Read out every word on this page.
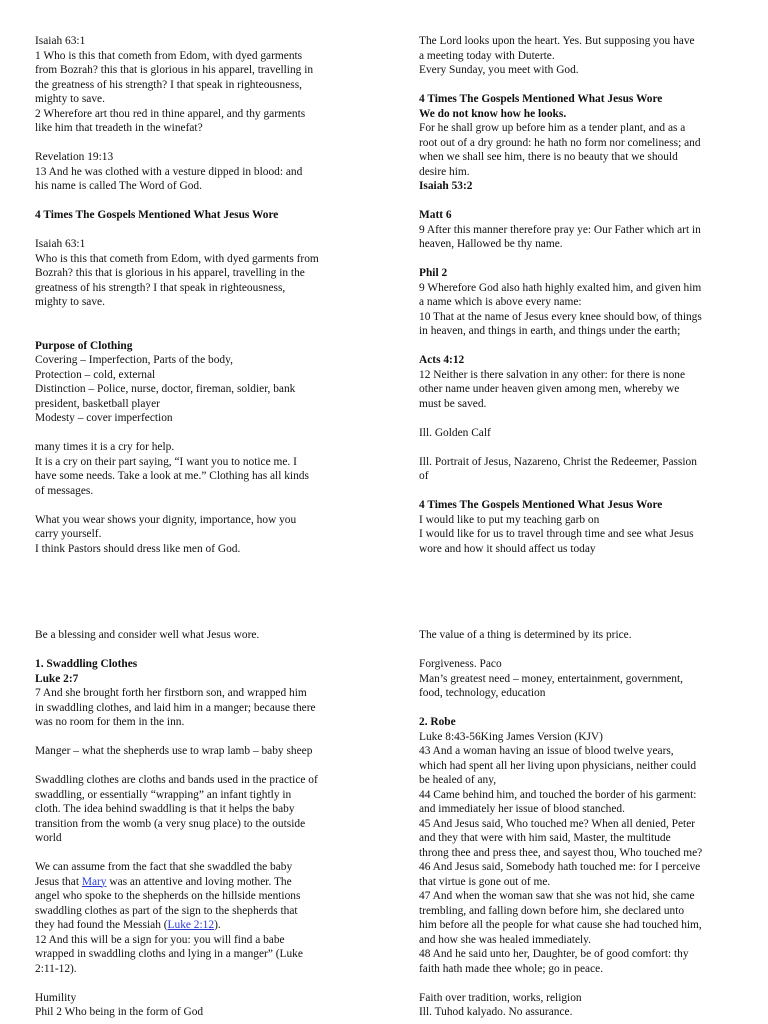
Isaiah 63:1
1 Who is this that cometh from Edom, with dyed garments
from Bozrah? this that is glorious in his apparel, travelling in
the greatness of his strength? I that speak in righteousness,
mighty to save.
2 Wherefore art thou red in thine apparel, and thy garments
like him that treadeth in the winefat?
Revelation 19:13
13 And he was clothed with a vesture dipped in blood: and
his name is called The Word of God.
4 Times The Gospels Mentioned What Jesus Wore
Isaiah 63:1
Who is this that cometh from Edom, with dyed garments from
Bozrah? this that is glorious in his apparel, travelling in the
greatness of his strength? I that speak in righteousness,
mighty to save.

Purpose of Clothing
Covering – Imperfection, Parts of the body,
Protection – cold, external
Distinction – Police, nurse, doctor, fireman, soldier, bank
president, basketball player
Modesty – cover imperfection
many times it is a cry for help.
It is a cry on their part saying, “I want you to notice me. I
have some needs. Take a look at me.” Clothing has all kinds
of messages.
What you wear shows your dignity, importance, how you
carry yourself.
I think Pastors should dress like men of God.
The Lord looks upon the heart. Yes. But supposing you have
a meeting today with Duterte.
Every Sunday, you meet with God.
4 Times The Gospels Mentioned What Jesus Wore
We do not know how he looks.
For he shall grow up before him as a tender plant, and as a
root out of a dry ground: he hath no form nor comeliness; and
when we shall see him, there is no beauty that we should
desire him.
Isaiah 53:2
Matt 6
9 After this manner therefore pray ye: Our Father which art in
heaven, Hallowed be thy name.
Phil 2
9 Wherefore God also hath highly exalted him, and given him
a name which is above every name:
10 That at the name of Jesus every knee should bow, of things
in heaven, and things in earth, and things under the earth;
Acts 4:12
12 Neither is there salvation in any other: for there is none
other name under heaven given among men, whereby we
must be saved.
Ill. Golden Calf
Ill. Portrait of Jesus, Nazareno, Christ the Redeemer, Passion
of
4 Times The Gospels Mentioned What Jesus Wore
I would like to put my teaching garb on
I would like for us to travel through time and see what Jesus
wore and how it should affect us today
Be a blessing and consider well what Jesus wore.
1. Swaddling Clothes
Luke 2:7
7 And she brought forth her firstborn son, and wrapped him
in swaddling clothes, and laid him in a manger; because there
was no room for them in the inn.
Manger – what the shepherds use to wrap lamb – baby sheep
Swaddling clothes are cloths and bands used in the practice of
swaddling, or essentially “wrapping” an infant tightly in
cloth. The idea behind swaddling is that it helps the baby
transition from the womb (a very snug place) to the outside
world
We can assume from the fact that she swaddled the baby
Jesus that Mary was an attentive and loving mother. The
angel who spoke to the shepherds on the hillside mentions
swaddling clothes as part of the sign to the shepherds that
they had found the Messiah (Luke 2:12).
12 And this will be a sign for you: you will find a babe
wrapped in swaddling cloths and lying in a manger” (Luke
2:11-12).
Humility
Phil 2 Who being in the form of God
The value of a thing is determined by its price.
Forgiveness. Paco
Man’s greatest need – money, entertainment, government,
food, technology, education
2. Robe
Luke 8:43-56King James Version (KJV)
43 And a woman having an issue of blood twelve years,
which had spent all her living upon physicians, neither could
be healed of any,
44 Came behind him, and touched the border of his garment:
and immediately her issue of blood stanched.
45 And Jesus said, Who touched me? When all denied, Peter
and they that were with him said, Master, the multitude
throng thee and press thee, and sayest thou, Who touched me?
46 And Jesus said, Somebody hath touched me: for I perceive
that virtue is gone out of me.
47 And when the woman saw that she was not hid, she came
trembling, and falling down before him, she declared unto
him before all the people for what cause she had touched him,
and how she was healed immediately.
48 And he said unto her, Daughter, be of good comfort: thy
faith hath made thee whole; go in peace.
Faith over tradition, works, religion
Ill. Tuhod kalyado. No assurance.
